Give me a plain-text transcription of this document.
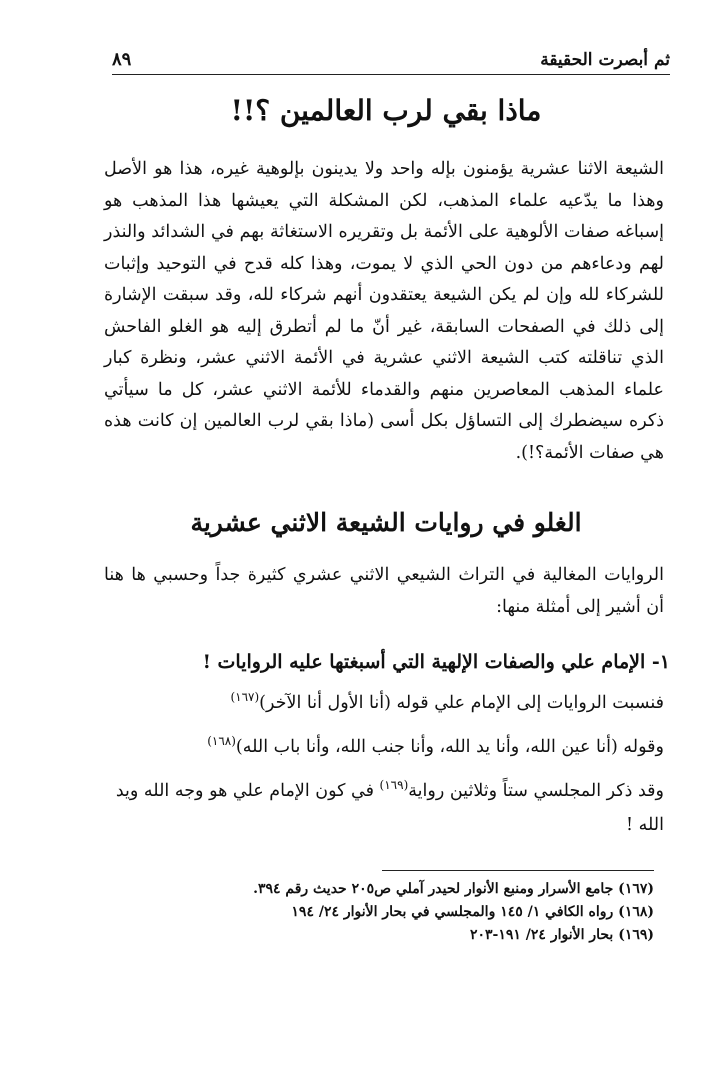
ثم أبصرت الحقيقة
٨٩
ماذا بقي لرب العالمين ؟!!

الشيعة الاثنا عشرية يؤمنون بإله واحد ولا يدينون بإلوهية غيره، هذا هو الأصل وهذا ما يدّعيه علماء المذهب، لكن المشكلة التي يعيشها هذا المذهب هو إسباغه صفات الألوهية على الأئمة بل وتقريره الاستغاثة بهم في الشدائد والنذر لهم ودعاءهم من دون الحي الذي لا يموت، وهذا كله قدح في التوحيد وإثبات للشركاء لله وإن لم يكن الشيعة يعتقدون أنهم شركاء لله، وقد سبقت الإشارة إلى ذلك في الصفحات السابقة، غير أنّ ما لم أتطرق إليه هو الغلو الفاحش الذي تناقلته كتب الشيعة الاثني عشرية في الأئمة الاثني عشر، ونظرة كبار علماء المذهب المعاصرين منهم والقدماء للأئمة الاثني عشر، كل ما سيأتي ذكره سيضطرك إلى التساؤل بكل أسى (ماذا بقي لرب العالمين إن كانت هذه هي صفات الأئمة؟!).

الغلو في روايات الشيعة الاثني عشرية

الروايات المغالية في التراث الشيعي الاثني عشري كثيرة جداً وحسبي ها هنا أن أشير إلى أمثلة منها:

١- الإمام علي والصفات الإلهية التي أسبغتها عليه الروايات !

فنسبت الروايات إلى الإمام علي قوله (أنا الأول أنا الآخر)$^{(١٦٧)}$

وقوله (أنا عين الله، وأنا يد الله، وأنا جنب الله، وأنا باب الله)$^{(١٦٨)}$

وقد ذكر المجلسي ستاً وثلاثين رواية$^{(١٦٩)}$ في كون الإمام علي هو وجه الله ويد الله !

(١٦٧) جامع الأسرار ومنبع الأنوار لحيدر آملي ص٢٠٥ حديث رقم ٣٩٤.
(١٦٨) رواه الكافي ١/ ١٤٥ والمجلسي في بحار الأنوار ٢٤/ ١٩٤
(١٦٩) بحار الأنوار ٢٤/ ١٩١-٢٠٣
